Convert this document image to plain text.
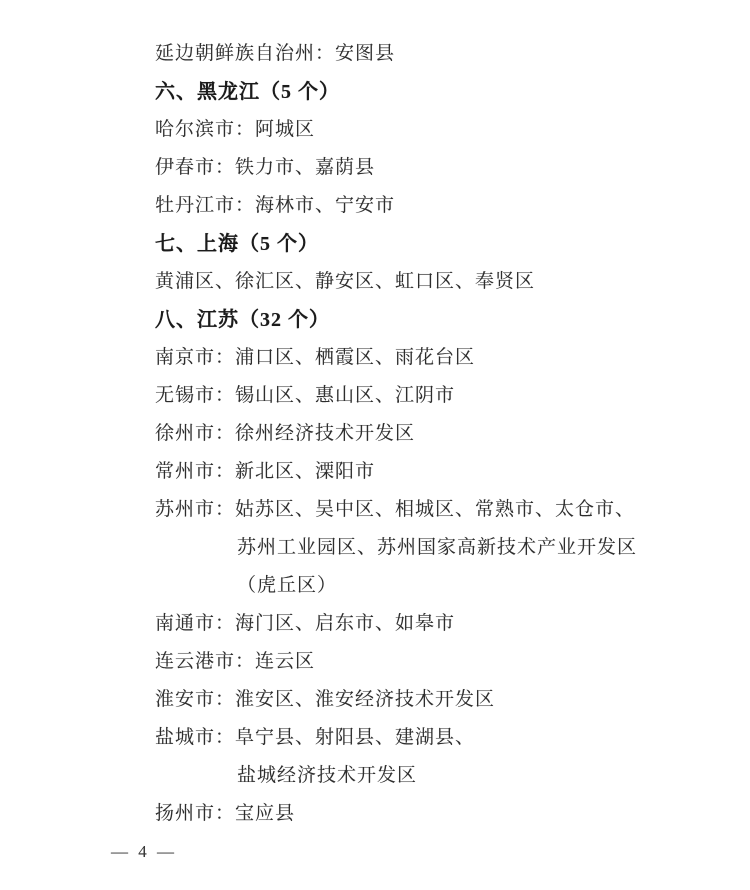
延边朝鲜族自治州：安图县
六、黑龙江（5 个）
哈尔滨市：阿城区
伊春市：铁力市、嘉荫县
牡丹江市：海林市、宁安市
七、上海（5 个）
黄浦区、徐汇区、静安区、虹口区、奉贤区
八、江苏（32 个）
南京市：浦口区、栖霞区、雨花台区
无锡市：锡山区、惠山区、江阴市
徐州市：徐州经济技术开发区
常州市：新北区、溧阳市
苏州市：姑苏区、吴中区、相城区、常熟市、太仓市、
苏州工业园区、苏州国家高新技术产业开发区
（虎丘区）
南通市：海门区、启东市、如皋市
连云港市：连云区
淮安市：淮安区、淮安经济技术开发区
盐城市：阜宁县、射阳县、建湖县、
盐城经济技术开发区
扬州市：宝应县
— 4 —
